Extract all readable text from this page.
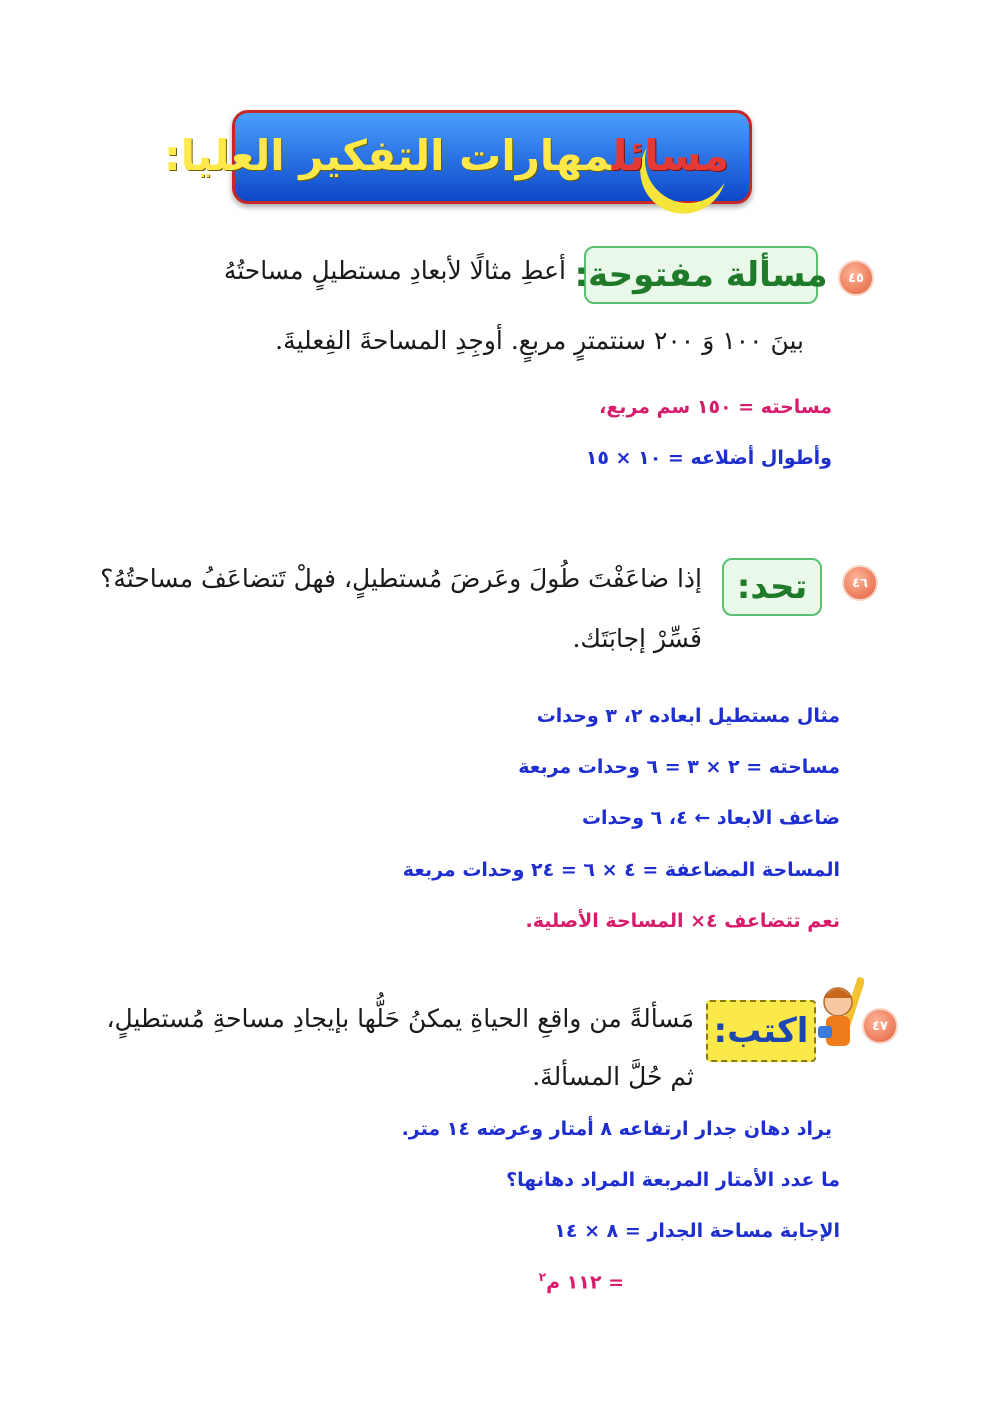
مسائلمهارات التفكير العليا:
٤٥
مسألة مفتوحة:
أعطِ مثالًا لأبعادِ مستطيلٍ مساحتُهُ
بينَ ١٠٠ وَ ٢٠٠ سنتمترٍ مربعٍ. أوجِدِ المساحةَ الفِعليةَ.
مساحته = ١٥٠ سم مربع،
وأطوال أضلاعه = ١٠ × ١٥
٤٦
تحد:
إذا ضاعَفْتَ طُولَ وعَرضَ مُستطيلٍ، فهلْ تَتضاعَفُ مساحتُهُ؟
فَسِّرْ إجابَتَك.
مثال مستطيل ابعاده ٢، ٣ وحدات
مساحته = ٢ × ٣ = ٦ وحدات مربعة
ضاعف الابعاد ← ٤، ٦ وحدات
المساحة المضاعفة = ٤ × ٦ = ٢٤ وحدات مربعة
نعم تتضاعف ٤× المساحة الأصلية.
٤٧
اكتب:
مَسألةً من واقعِ الحياةِ يمكنُ حَلُّها بإيجادِ مساحةِ مُستطيلٍ،
ثم حُلَّ المسألةَ.
يراد دهان جدار ارتفاعه ٨ أمتار وعرضه ١٤ متر.
ما عدد الأمتار المربعة المراد دهانها؟
الإجابة مساحة الجدار = ٨ × ١٤
= ١١٢ م$^٢$
